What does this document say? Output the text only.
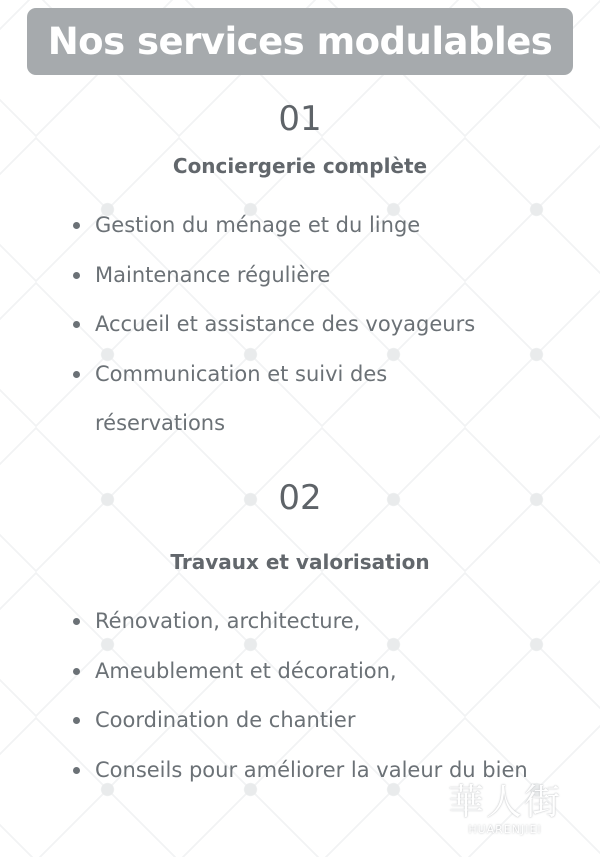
Nos services modulables
01
Conciergerie complète
Gestion du ménage et du linge
Maintenance régulière
Accueil et assistance des voyageurs
Communication et suivi des réservations
02
Travaux et valorisation
Rénovation, architecture,
Ameublement et décoration,
Coordination de chantier
Conseils pour améliorer la valeur du bien
華人街
HUARENJIEI
